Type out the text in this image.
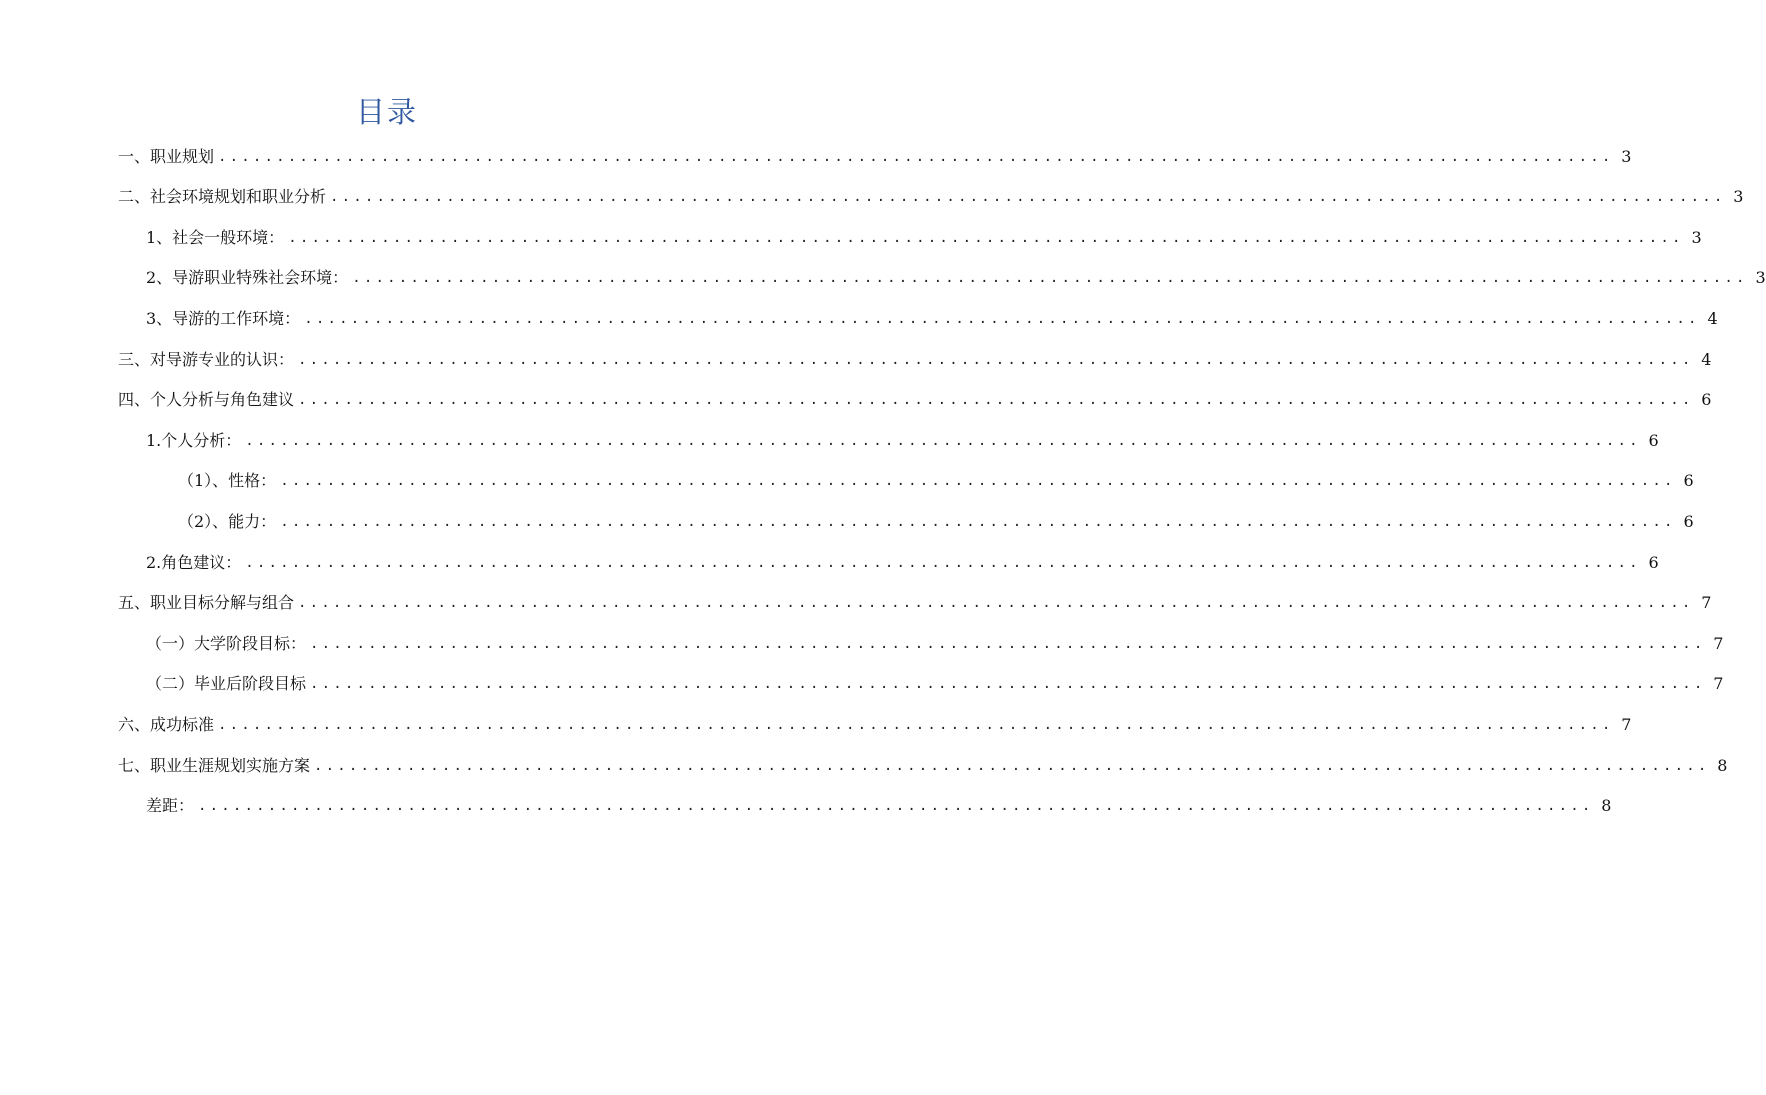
目录
一、职业规划 ........................................................................................................................ 3
二、社会环境规划和职业分析 ........................................................................................................................ 3
1、社会一般环境： ........................................................................................................................ 3
2、导游职业特殊社会环境： ........................................................................................................................ 3
3、导游的工作环境： ........................................................................................................................ 4
三、对导游专业的认识： ........................................................................................................................ 4
四、个人分析与角色建议 ........................................................................................................................ 6
1.个人分析： ........................................................................................................................ 6
（1）、性格： ........................................................................................................................ 6
（2）、能力： ........................................................................................................................ 6
2.角色建议： ........................................................................................................................ 6
五、职业目标分解与组合 ........................................................................................................................ 7
（一）大学阶段目标： ........................................................................................................................ 7
（二）毕业后阶段目标 ........................................................................................................................ 7
六、成功标准 ........................................................................................................................ 7
七、职业生涯规划实施方案 ........................................................................................................................ 8
差距： ........................................................................................................................ 8
